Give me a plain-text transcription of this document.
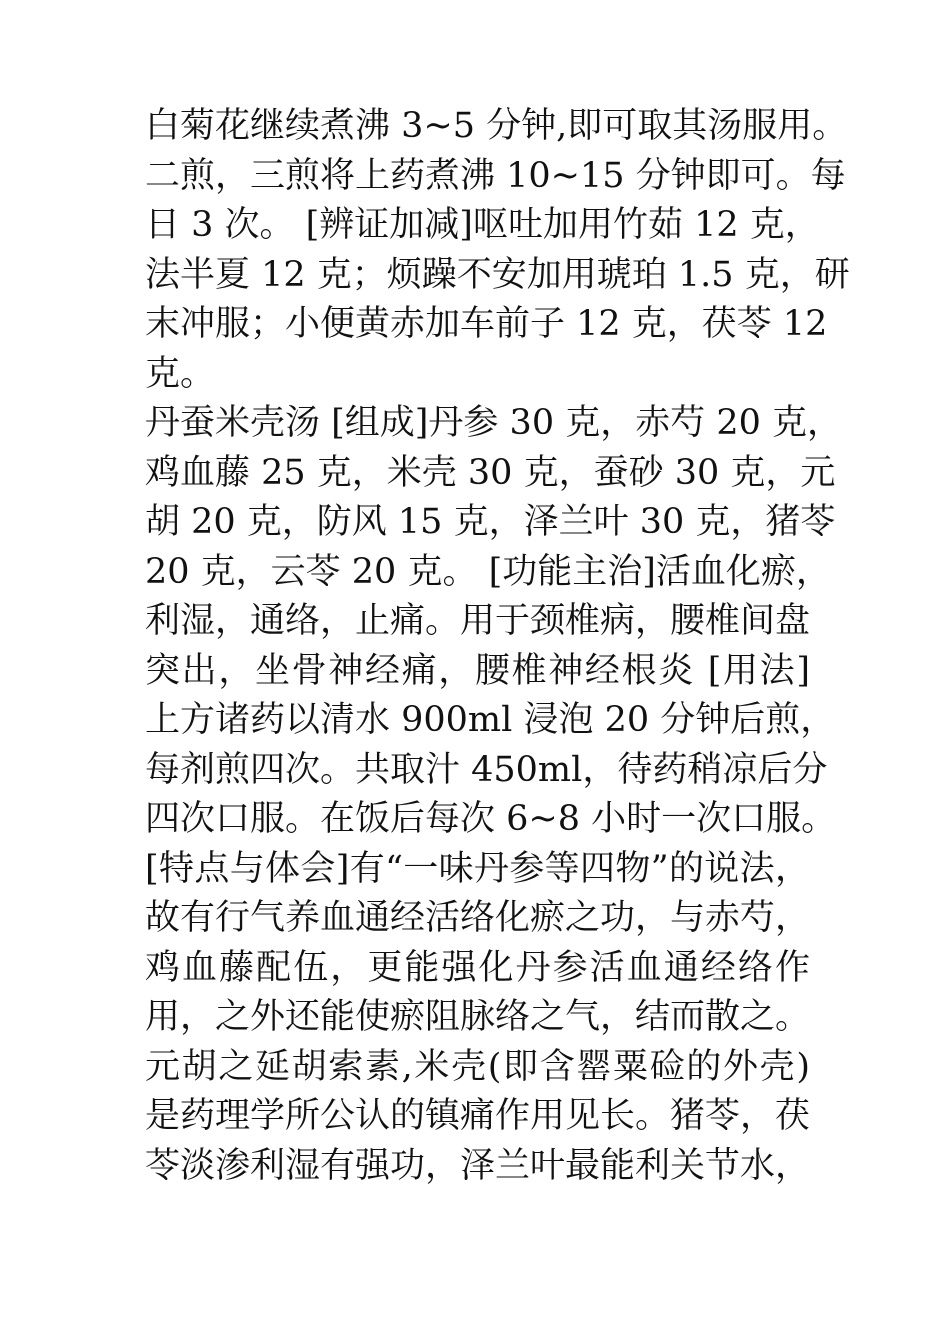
白菊花继续煮沸 3~5 分钟,即可取其汤服用。
二煎，三煎将上药煮沸 10~15 分钟即可。每
日 3 次。 [辨证加减]呕吐加用竹茹 12 克，
法半夏 12 克；烦躁不安加用琥珀 1.5 克，研
末冲服；小便黄赤加车前子 12 克，茯苓 12
克。
丹蚕米壳汤 [组成]丹参 30 克，赤芍 20 克，
鸡血藤 25 克，米壳 30 克，蚕砂 30 克，元
胡 20 克，防风 15 克，泽兰叶 30 克，猪苓
20 克，云苓 20 克。 [功能主治]活血化瘀，
利湿，通络，止痛。用于颈椎病，腰椎间盘
突出，坐骨神经痛，腰椎神经根炎 [用法]
上方诸药以清水 900ml 浸泡 20 分钟后煎，
每剂煎四次。共取汁 450ml，待药稍凉后分
四次口服。在饭后每次 6~8 小时一次口服。
[特点与体会]有“一味丹参等四物”的说法，
故有行气养血通经活络化瘀之功，与赤芍，
鸡血藤配伍，更能强化丹参活血通经络作
用，之外还能使瘀阻脉络之气，结而散之。
元胡之延胡索素,米壳(即含罂粟硷的外壳)
是药理学所公认的镇痛作用见长。猪苓，茯
苓淡渗利湿有强功，泽兰叶最能利关节水，
